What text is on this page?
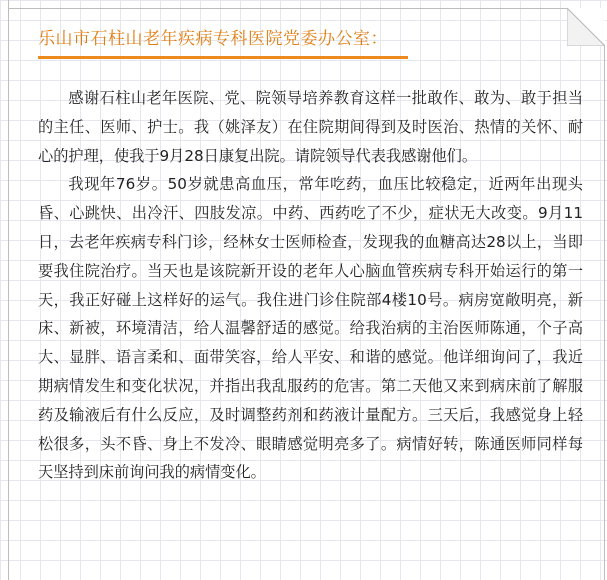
乐山市石柱山老年疾病专科医院党委办公室：

感谢石柱山老年医院、党、院领导培养教育这样一批敢作、敢为、敢于担当的主任、医师、护士。我（姚泽友）在住院期间得到及时医治、热情的关怀、耐心的护理，使我于9月28日康复出院。请院领导代表我感谢他们。

我现年76岁。50岁就患高血压，常年吃药，血压比较稳定，近两年出现头昏、心跳快、出冷汗、四肢发凉。中药、西药吃了不少，症状无大改变。9月11日，去老年疾病专科门诊，经林女士医师检查，发现我的血糖高达28以上，当即要我住院治疗。当天也是该院新开设的老年人心脑血管疾病专科开始运行的第一天，我正好碰上这样好的运气。我住进门诊住院部4楼10号。病房宽敞明亮，新床、新被，环境清洁，给人温馨舒适的感觉。给我治病的主治医师陈通，个子高大、显胖、语言柔和、面带笑容，给人平安、和谐的感觉。他详细询问了，我近期病情发生和变化状况，并指出我乱服药的危害。第二天他又来到病床前了解服药及输液后有什么反应，及时调整药剂和药液计量配方。三天后，我感觉身上轻松很多，头不昏、身上不发冷、眼睛感觉明亮多了。病情好转，陈通医师同样每天坚持到床前询问我的病情变化。
